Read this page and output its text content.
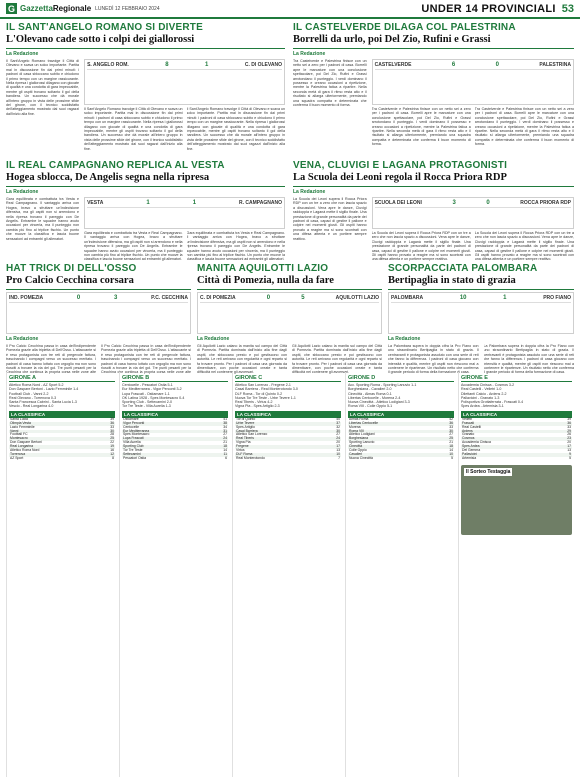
G GazzettaRegionale LUNEDÌ 12 FEBBRAIO 2024	UNDER 14 PROVINCIALI 53
IL SANT'ANGELO ROMANO SI DIVERTE
L'Olevano cade sotto i colpi dei giallorossi
La Redazione
Il Sant'Angelo Romano travolge il Città di Olevano e scava un solco importante. Partita mai in discussione fin dai primi minuti: i padroni di casa sbloccano subito e chiudono il primo tempo con un margine rassicurante. Nella ripresa i giallorossi dilagano con giocate di qualità e una condotta di gara impeccabile, mentre gli ospiti trovano soltanto il gol della bandiera. Un successo che dà morale all'intero gruppo in vista delle prossime sfide del girone, con il tecnico soddisfatto dell'atteggiamento mostrato dai suoi ragazzi dall'inizio alla fine.
S. ANGELO ROM.	8	1	C. DI OLEVANO
Il Sant'Angelo Romano travolge il Città di Olevano e scava un solco importante. Partita mai in discussione fin dai primi minuti: i padroni di casa sbloccano subito e chiudono il primo tempo con un margine rassicurante. Nella ripresa i giallorossi dilagano con giocate di qualità e una condotta di gara impeccabile, mentre gli ospiti trovano soltanto il gol della bandiera. Un successo che dà morale all'intero gruppo in vista delle prossime sfide del girone, con il tecnico soddisfatto dell'atteggiamento mostrato dai suoi ragazzi dall'inizio alla fine.
Il Sant'Angelo Romano travolge il Città di Olevano e scava un solco importante. Partita mai in discussione fin dai primi minuti: i padroni di casa sbloccano subito e chiudono il primo tempo con un margine rassicurante. Nella ripresa i giallorossi dilagano con giocate di qualità e una condotta di gara impeccabile, mentre gli ospiti trovano soltanto il gol della bandiera. Un successo che dà morale all'intero gruppo in vista delle prossime sfide del girone, con il tecnico soddisfatto dell'atteggiamento mostrato dai suoi ragazzi dall'inizio alla fine.
IL CASTELVERDE DILAGA COL PALESTRINA
Borrelli da urlo, poi Del Zio, Rufini e Grassi
La Redazione
Tra Castelverde e Palestrina finisce con un netto sei a zero per i padroni di casa. Borrelli apre le marcature con una conclusione spettacolare, poi Del Zio, Rufini e Grassi arrotondano il punteggio. I verdi dominano il possesso e creano occasioni a ripetizione, mentre la Palestrina fatica a ripartire. Nella seconda metà di gara il ritmo resta alto e il risultato si allarga ulteriormente, premiando una squadra compatta e determinata che conferma il buon momento di forma.
CASTELVERDE	6	0	PALESTRINA
Tra Castelverde e Palestrina finisce con un netto sei a zero per i padroni di casa. Borrelli apre le marcature con una conclusione spettacolare, poi Del Zio, Rufini e Grassi arrotondano il punteggio. I verdi dominano il possesso e creano occasioni a ripetizione, mentre la Palestrina fatica a ripartire. Nella seconda metà di gara il ritmo resta alto e il risultato si allarga ulteriormente, premiando una squadra compatta e determinata che conferma il buon momento di forma.
Tra Castelverde e Palestrina finisce con un netto sei a zero per i padroni di casa. Borrelli apre le marcature con una conclusione spettacolare, poi Del Zio, Rufini e Grassi arrotondano il punteggio. I verdi dominano il possesso e creano occasioni a ripetizione, mentre la Palestrina fatica a ripartire. Nella seconda metà di gara il ritmo resta alto e il risultato si allarga ulteriormente, premiando una squadra compatta e determinata che conferma il buon momento di forma.
IL REAL CAMPAGNANO REPLICA AL VESTA
Hogea sblocca, De Angelis segna nella ripresa
La Redazione
Gara equilibrata e combattuta tra Vesta e Real Campagnano. Il vantaggio arriva con Hogea, bravo a sfruttare un'indecisione difensiva, ma gli ospiti non si arrendono e nella ripresa trovano il pareggio con De Angelis. Entrambe le squadre hanno avuto occasioni per vincerla, ma il punteggio non cambia più fino al triplice fischio. Un punto che muove la classifica e lascia buone sensazioni ad entrambi gli allenatori.
VESTA	1	1	R. CAMPAGNANO
Gara equilibrata e combattuta tra Vesta e Real Campagnano. Il vantaggio arriva con Hogea, bravo a sfruttare un'indecisione difensiva, ma gli ospiti non si arrendono e nella ripresa trovano il pareggio con De Angelis. Entrambe le squadre hanno avuto occasioni per vincerla, ma il punteggio non cambia più fino al triplice fischio. Un punto che muove la classifica e lascia buone sensazioni ad entrambi gli allenatori.
Gara equilibrata e combattuta tra Vesta e Real Campagnano. Il vantaggio arriva con Hogea, bravo a sfruttare un'indecisione difensiva, ma gli ospiti non si arrendono e nella ripresa trovano il pareggio con De Angelis. Entrambe le squadre hanno avuto occasioni per vincerla, ma il punteggio non cambia più fino al triplice fischio. Un punto che muove la classifica e lascia buone sensazioni ad entrambi gli allenatori.
VENA, CLUVIGI E LAGANÀ PROTAGONISTI
La Scuola dei Leoni regola il Rocca Priora RDP
La Redazione
La Scuola dei Leoni supera il Rocca Priora RDP con un tre a zero che non lascia spazio a discussioni. Vena apre le danze, Cluvigi raddoppia e Laganà mette il sigillo finale. Una prestazione di grande personalità da parte dei padroni di casa, capaci di gestire il pallone e colpire nei momenti giusti. Gli ospiti hanno provato a reagire ma si sono scontrati con una difesa attenta e un portiere sempre reattivo.
SCUOLA DEI LEONI	3	0	ROCCA PRIORA RDP
La Scuola dei Leoni supera il Rocca Priora RDP con un tre a zero che non lascia spazio a discussioni. Vena apre le danze, Cluvigi raddoppia e Laganà mette il sigillo finale. Una prestazione di grande personalità da parte dei padroni di casa, capaci di gestire il pallone e colpire nei momenti giusti. Gli ospiti hanno provato a reagire ma si sono scontrati con una difesa attenta e un portiere sempre reattivo.
La Scuola dei Leoni supera il Rocca Priora RDP con un tre a zero che non lascia spazio a discussioni. Vena apre le danze, Cluvigi raddoppia e Laganà mette il sigillo finale. Una prestazione di grande personalità da parte dei padroni di casa, capaci di gestire il pallone e colpire nei momenti giusti. Gli ospiti hanno provato a reagire ma si sono scontrati con una difesa attenta e un portiere sempre reattivo.
HAT TRICK DI DELL'OSSO
Pro Calcio Cecchina corsara
IND. POMEZIA	0	3	P.C. CECCHINA
La Redazione
Il Pro Calcio Cecchina passa in casa dell'Indipendente Pomezia grazie alla tripletta di Dell'Osso. L'attaccante si è reso protagonista con tre reti di pregevole fattura, trascinando i compagni verso un successo meritato. I padroni di casa hanno lottato con orgoglio ma non sono riusciti a trovare la via del gol. Tre punti pesanti per la Cecchina che continua la propria corsa nelle zone alte
Il Pro Calcio Cecchina passa in casa dell'Indipendente Pomezia grazie alla tripletta di Dell'Osso. L'attaccante si è reso protagonista con tre reti di pregevole fattura, trascinando i compagni verso un successo meritato. I padroni di casa hanno lottato con orgoglio ma non sono riusciti a trovare la via del gol. Tre punti pesanti per la Cecchina che continua la propria corsa nelle zone alte
MANITA AQUILOTTI LAZIO
Città di Pomezia, nulla da fare
C. DI POMEZIA	0	5	AQUILOTTI LAZIO
La Redazione
Gli Aquilotti Lazio calano la manita sul campo del Città di Pomezia. Partita dominata dall'inizio alla fine dagli ospiti, che sbloccano presto e poi gestiscono con autorità. Le reti arrivano con regolarità e ogni reparto si fa trovare pronto. Per i padroni di casa una giornata da dimenticare, con poche occasioni create e tanta difficoltà nel contenere gli avversari.
Gli Aquilotti Lazio calano la manita sul campo del Città di Pomezia. Partita dominata dall'inizio alla fine dagli ospiti, che sbloccano presto e poi gestiscono con autorità. Le reti arrivano con regolarità e ogni reparto si fa trovare pronto. Per i padroni di casa una giornata da dimenticare, con poche occasioni create e tanta difficoltà nel contenere gli avversari.
SCORPACCIATA PALOMBARA
Bertipaglia in stato di grazia
PALOMBARA	10	1	PRO FIANO
La Redazione
La Palombara supera in doppia cifra la Pro Fiano con uno straordinario Bertipaglia in stato di grazia. Il centravanti è protagonista assoluto con una serie di reti che fanno la differenza. I padroni di casa giocano con intensità e qualità, mentre gli ospiti non riescono mai a contenere le ripartenze. Un risultato netto che conferma il grande periodo di forma della formazione di casa.
La Palombara supera in doppia cifra la Pro Fiano con uno straordinario Bertipaglia in stato di grazia. Il centravanti è protagonista assoluto con una serie di reti che fanno la differenza. I padroni di casa giocano con intensità e qualità, mentre gli ospiti non riescono mai a contenere le ripartenze. Un risultato netto che conferma il grande periodo di forma della formazione di casa.
GIRONE A
Atletico Roma Nord - AZ Sport 5-2
Don Gaspare Bertoni - Lazio Femminile 1-4
Football Club - Vanni 2-2
Real Olevano - Torrenova 0-3
Santa Francesca Cabrini - Santa Lucia 1-3
Vescio - Real Longarina 4-0
LA CLASSIFICA
Santa Lucia	39
Olimpia Vesta	36
Lazio Femminile	33
Vanni	30
Football FC	28
Montesacro	25
Don Gaspare Bertoni	22
Real Longarina	19
Atletico Roma Nord	16
Torrenova	12
AZ Sport	8
GIRONE B
Centocelle - Pescatori Ostia 5-1
Eur Mediterranea - Vigor Perconti 3-2
Lupa Frascati - Ostiamare 1-1
OK Latina 1928 - Spes Montesacro 0-4
Sporting Club - Settecamini 2-0
Tor Tre Teste - Villa Aurelia 1-3
LA CLASSIFICA
Ostiamare	41
Vigor Perconti	38
Centocelle	34
Eur Mediterranea	31
Spes Montesacro	27
Lupa Frascati	24
Villa Aurelia	21
Sporting Club	18
Tor Tre Teste	14
Settecamini	11
Pescatori Ostia	6
GIRONE C
Atletico San Lorenzo - Fregene 2-1
Casal Barriera - Real Monterotondo 3-0
DLF Roma - Tor di Quinto 0-2
Nuova Tor Tre Teste - Urbe Tevere 1-1
Real Tiberis - Virtus 4-2
Vigna Pia - Spes Artiglio 2-3
LA CLASSIFICA
Tor di Quinto	40
Urbe Tevere	37
Spes Artiglio	32
Casal Barriera	30
Atletico San Lorenzo	27
Real Tiberis	24
Vigna Pia	20
Fregene	17
Virtus	13
DLF Roma	10
Real Monterotondo	7
GIRONE D
Acc. Sporting Roma - Sporting Lanuvio 1-1
Borghesiana - Cavalieri 2-0
Cinecittà - Almas Roma 0-1
Libertas Centocelle - Morena 2-4
Nuova Cinecittà - Atletico Lodigiani 3-3
Roma VIII - Colle Oppio 5-1
LA CLASSIFICA
Almas Roma	42
Libertas Centocelle	36
Morena	33
Roma VIII	30
Atletico Lodigiani	27
Borghesiana	25
Sporting Lanuvio	21
Cinecittà	18
Colle Oppio	14
Cavalieri	10
Nuova Cinecittà	5
GIRONE E
Accademia Cinisca - Cosmos 3-2
Real Castelli - Velletri 1-0
Dilettanti Calcio - Ardens 2-2
Pallavicini - Granato 1-3
Polisportiva Grottaferrata - Frascati 0-4
Spes Ardea - Artemisia 3-1
LA CLASSIFICA
Velletri	39
Frascati	36
Real Castelli	33
Ardens	29
Granato	26
Cosmos	23
Accademia Cinisca	20
Spes Ardea	17
Del Gemma	13
Pallavicini	9
Artemisia	5
Il Sorteo Testaggia
